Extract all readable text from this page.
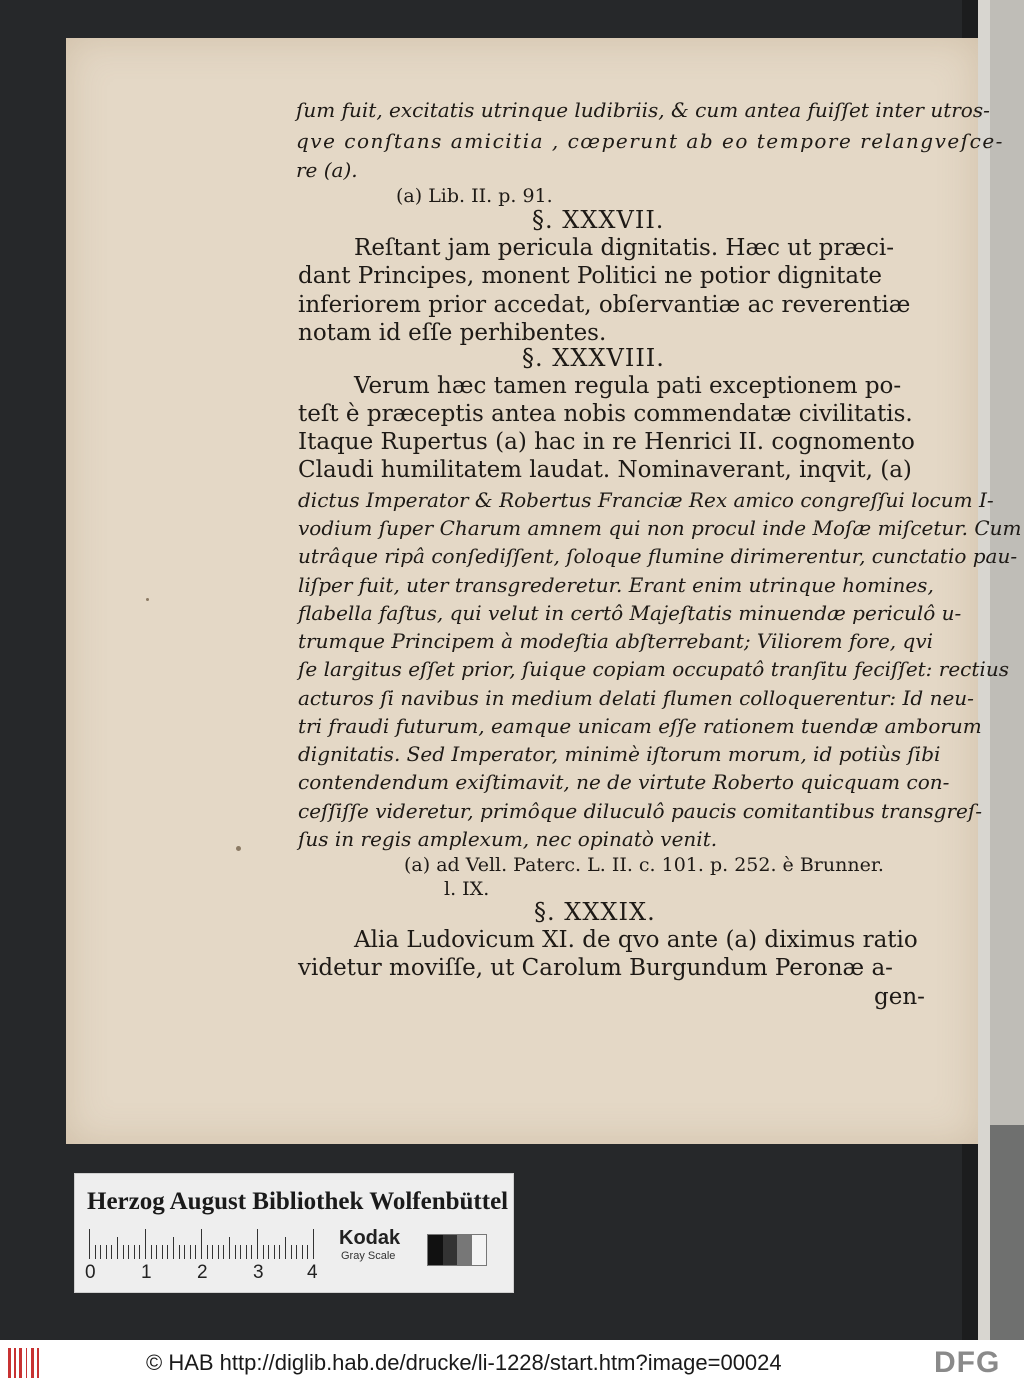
ſum fuit, excitatis utrinque ludibriis, & cum antea fuiſſet inter utros-
qve conſtans amicitia , cœperunt ab eo tempore relangveſce-
re (a).
(a) Lib. II. p. 91.
§. XXXVII.
Reſtant jam pericula dignitatis. Hæc ut præci-
dant Principes, monent Politici ne potior dignitate
inferiorem prior accedat, obſervantiæ ac reverentiæ
notam id eſſe perhibentes.
§. XXXVIII.
Verum hæc tamen regula pati exceptionem po-
teſt è præceptis antea nobis commendatæ civilitatis.
Itaque Rupertus (a) hac in re Henrici II. cognomento
Claudi humilitatem laudat. Nominaverant, inqvit, (a)
dictus Imperator & Robertus Franciæ Rex amico congreſſui locum I-
vodium ſuper Charum amnem qui non procul inde Moſæ miſcetur. Cum
utrâque ripâ conſediſſent, ſoloque flumine dirimerentur, cunctatio pau-
liſper fuit, uter transgrederetur. Erant enim utrinque homines,
flabella faſtus, qui velut in certô Majeſtatis minuendæ periculô u-
trumque Principem à modeſtia abſterrebant; Viliorem fore, qvi
ſe largitus eſſet prior, ſuique copiam occupatô tranſitu feciſſet: rectius
acturos ſi navibus in medium delati flumen colloquerentur: Id neu-
tri fraudi futurum, eamque unicam eſſe rationem tuendæ amborum
dignitatis. Sed Imperator, minimè iſtorum morum, id potiùs ſibi
contendendum exiſtimavit, ne de virtute Roberto quicquam con-
ceſſiſſe videretur, primôque diluculô paucis comitantibus transgreſ-
ſus in regis amplexum, nec opinatò venit.
(a) ad Vell. Paterc. L. II. c. 101. p. 252. è Brunner.
l. IX.
§. XXXIX.
Alia Ludovicum XI. de qvo ante (a) diximus ratio
videtur moviſſe, ut Carolum Burgundum Peronæ a-
gen-
Herzog August Bibliothek Wolfenbüttel
0 1 2 3 4
Kodak
Gray Scale
© HAB http://diglib.hab.de/drucke/li-1228/start.htm?image=00024	DFG
